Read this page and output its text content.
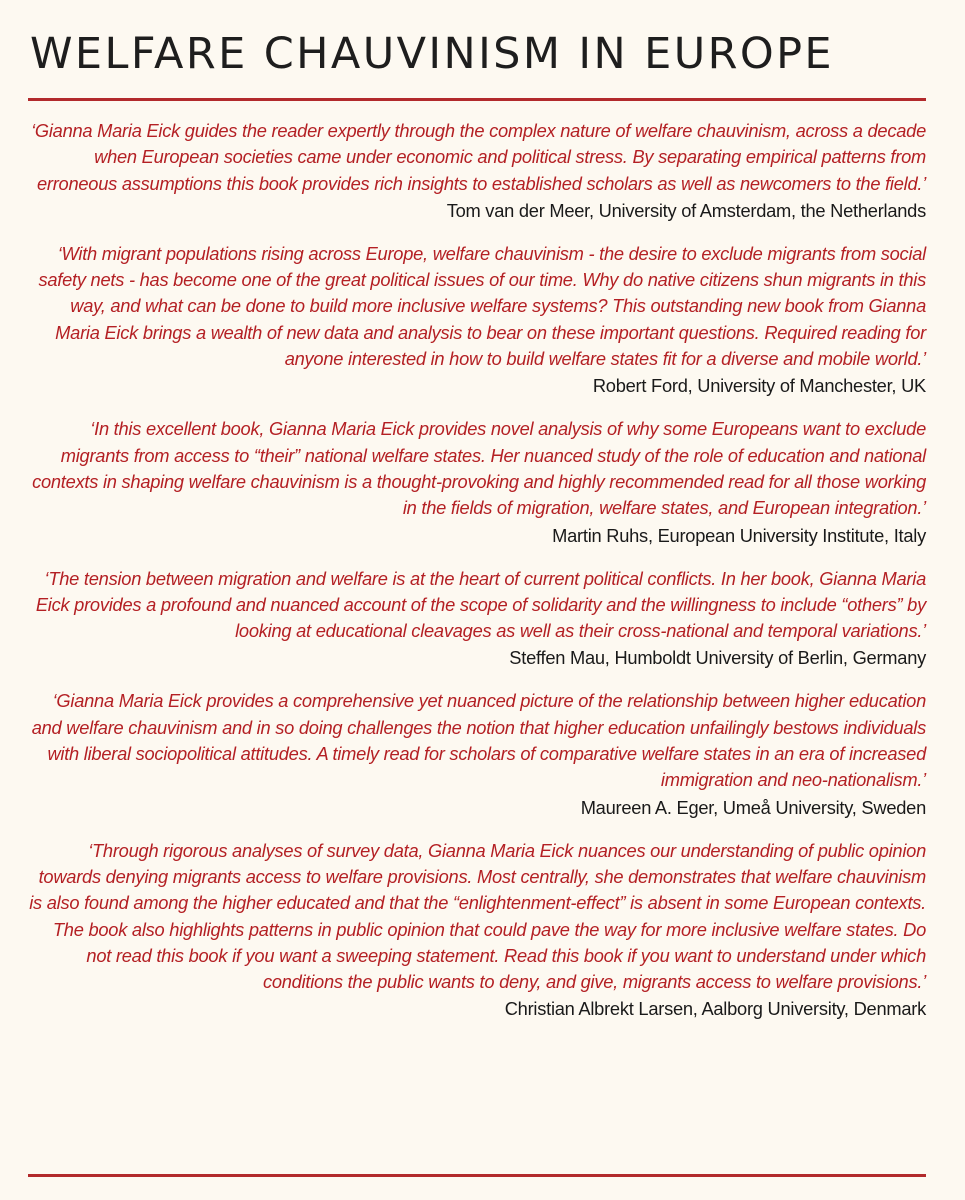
WELFARE CHAUVINISM IN EUROPE

‘Gianna Maria Eick guides the reader expertly through the complex nature of welfare chauvinism, across a decade when European societies came under economic and political stress. By separating empirical patterns from erroneous assumptions this book provides rich insights to established scholars as well as newcomers to the field.’

Tom van der Meer, University of Amsterdam, the Netherlands

‘With migrant populations rising across Europe, welfare chauvinism - the desire to exclude migrants from social safety nets - has become one of the great political issues of our time. Why do native citizens shun migrants in this way, and what can be done to build more inclusive welfare systems? This outstanding new book from Gianna Maria Eick brings a wealth of new data and analysis to bear on these important questions. Required reading for anyone interested in how to build welfare states fit for a diverse and mobile world.’

Robert Ford, University of Manchester, UK

‘In this excellent book, Gianna Maria Eick provides novel analysis of why some Europeans want to exclude migrants from access to “their” national welfare states. Her nuanced study of the role of education and national contexts in shaping welfare chauvinism is a thought-provoking and highly recommended read for all those working in the fields of migration, welfare states, and European integration.’

Martin Ruhs, European University Institute, Italy

‘The tension between migration and welfare is at the heart of current political conflicts. In her book, Gianna Maria Eick provides a profound and nuanced account of the scope of solidarity and the willingness to include “others” by looking at educational cleavages as well as their cross-national and temporal variations.’

Steffen Mau, Humboldt University of Berlin, Germany

‘Gianna Maria Eick provides a comprehensive yet nuanced picture of the relationship between higher education and welfare chauvinism and in so doing challenges the notion that higher education unfailingly bestows individuals with liberal sociopolitical attitudes. A timely read for scholars of comparative welfare states in an era of increased immigration and neo-nationalism.’

Maureen A. Eger, Umeå University, Sweden

‘Through rigorous analyses of survey data, Gianna Maria Eick nuances our understanding of public opinion towards denying migrants access to welfare provisions. Most centrally, she demonstrates that welfare chauvinism is also found among the higher educated and that the “enlightenment-effect” is absent in some European contexts. The book also highlights patterns in public opinion that could pave the way for more inclusive welfare states. Do not read this book if you want a sweeping statement. Read this book if you want to understand under which conditions the public wants to deny, and give, migrants access to welfare provisions.’

Christian Albrekt Larsen, Aalborg University, Denmark
